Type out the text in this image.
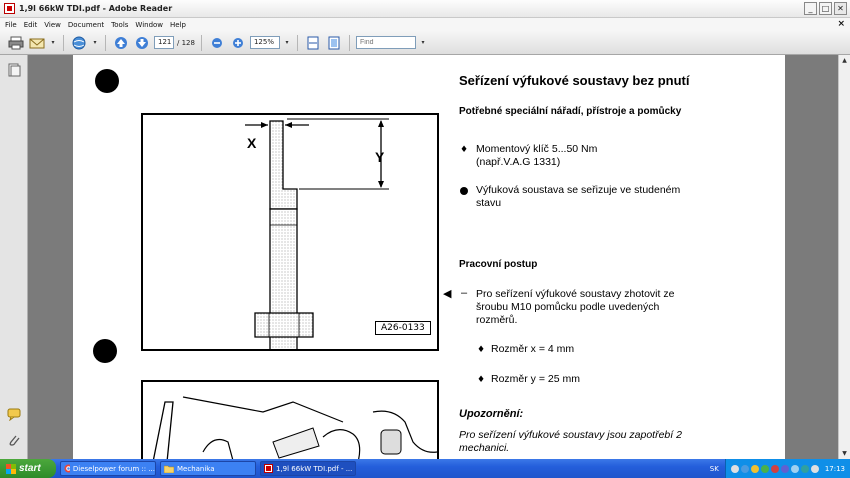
1,9l 66kW TDI.pdf - Adobe Reader	_	□ ✕
File Edit View Document Tools Window Help	×
▾	▾	121 / 128	125%	▾
Find	▾
X
Y
A26-0133
Seřízení výfukové soustavy bez pnutí
Potřebné speciální nářadí, přístroje a pomůcky
♦ Momentový klíč 5...50 Nm
(např.V.A.G 1331)
Výfuková soustava se seřizuje ve studeném
stavu
Pracovní postup
◀ – Pro seřízení výfukové soustavy zhotovit ze
šroubu M10 pomůcku podle uvedených
rozměrů.
♦ Rozměr x = 4 mm
♦ Rozměr y = 25 mm
Upozornění:
Pro seřízení výfukové soustavy jsou zapotřebí 2
mechanici.
▲
▼
start	Dieselpower forum :: ...	Mechanika	1,9l 66kW TDI.pdf - ...	SK	17:13
